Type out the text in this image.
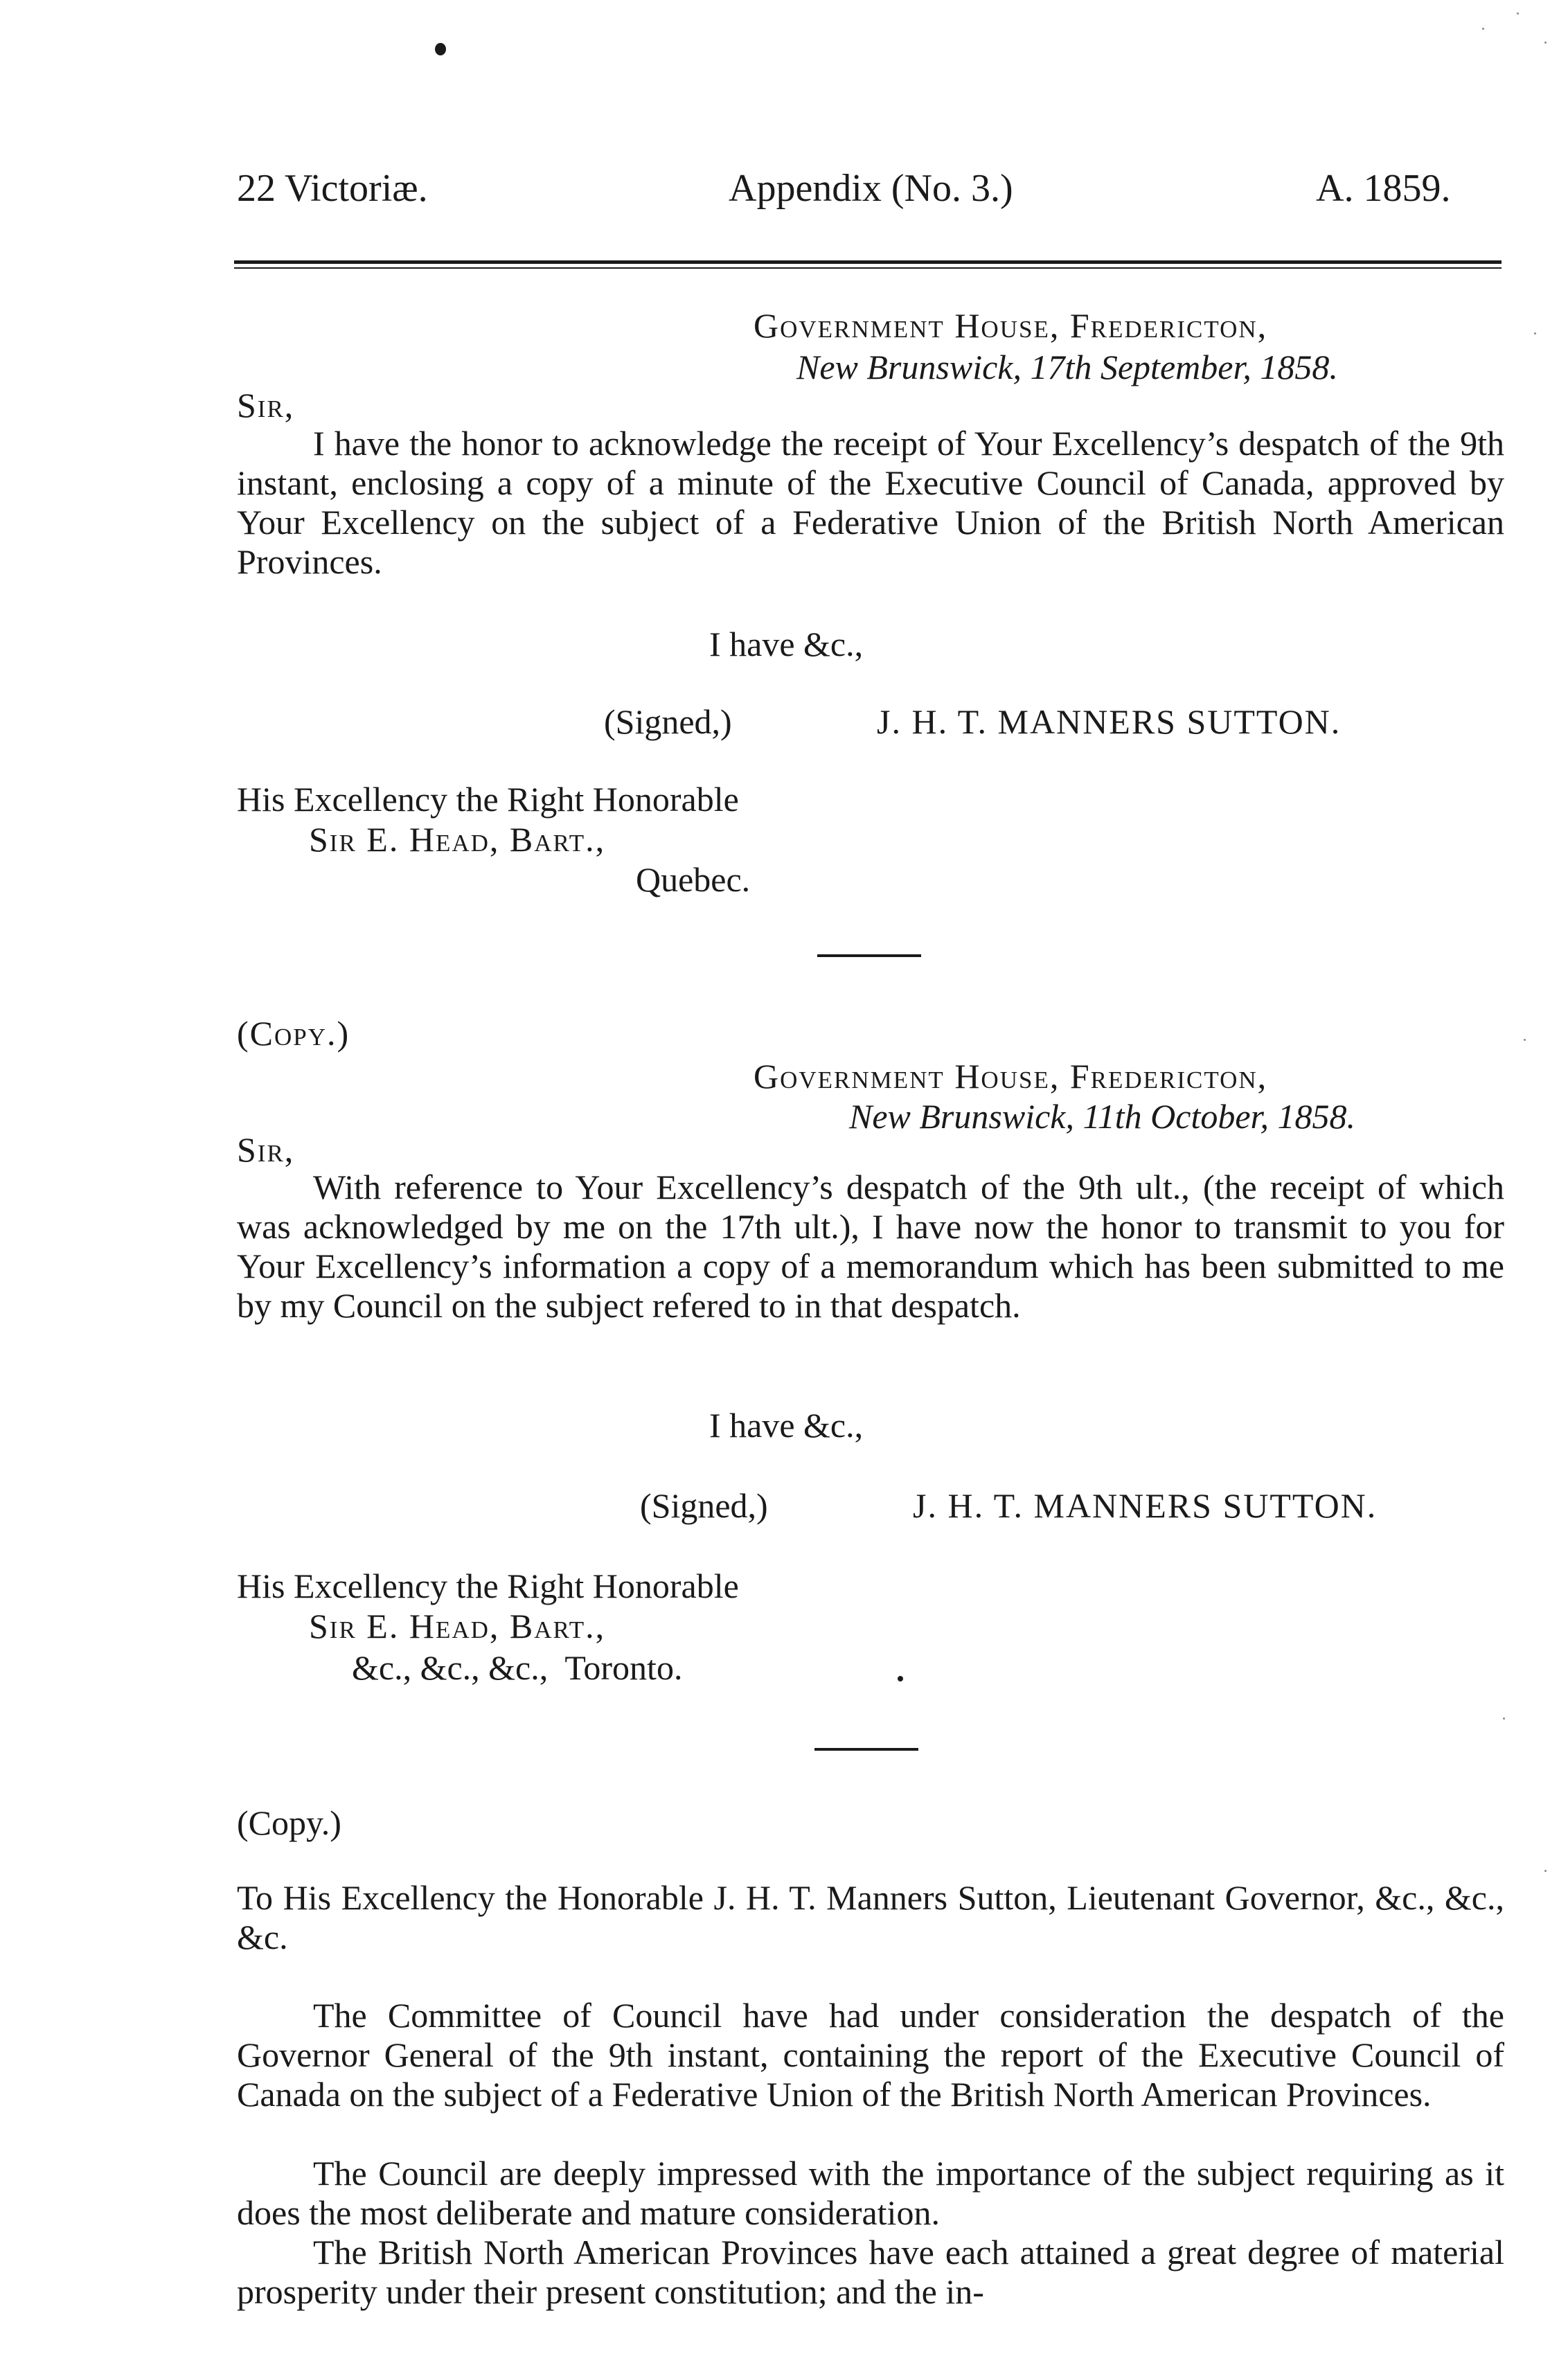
22 Victoriæ.	Appendix (No. 3.)	A. 1859.
Government House, Fredericton,
New Brunswick, 17th September, 1858.
Sir,
I have the honor to acknowledge the receipt of Your Excellency’s despatch of the 9th instant, enclosing a copy of a minute of the Executive Council of Canada, approved by Your Excellency on the subject of a Federative Union of the British North American Provinces.
I have &c.,
(Signed,)	J. H. T. MANNERS SUTTON.
His Excellency the Right Honorable
Sir E. Head, Bart.,
Quebec.
(Copy.)
Government House, Fredericton,
New Brunswick, 11th October, 1858.
Sir,
With reference to Your Excellency’s despatch of the 9th ult., (the receipt of which was acknowledged by me on the 17th ult.), I have now the honor to transmit to you for Your Excellency’s information a copy of a memorandum which has been submitted to me by my Council on the subject refered to in that despatch.
I have &c.,
(Signed,)	J. H. T. MANNERS SUTTON.
His Excellency the Right Honorable
Sir E. Head, Bart.,
&c., &c., &c.,  Toronto.
(Copy.)
To His Excellency the Honorable J. H. T. Manners Sutton, Lieutenant Governor, &c., &c., &c.
The Committee of Council have had under consideration the despatch of the Governor General of the 9th instant, containing the report of the Executive Council of Canada on the subject of a Federative Union of the British North American Provinces.
The Council are deeply impressed with the importance of the subject requiring as it does the most deliberate and mature consideration.
The British North American Provinces have each attained a great degree of material prosperity under their present constitution; and the in-
